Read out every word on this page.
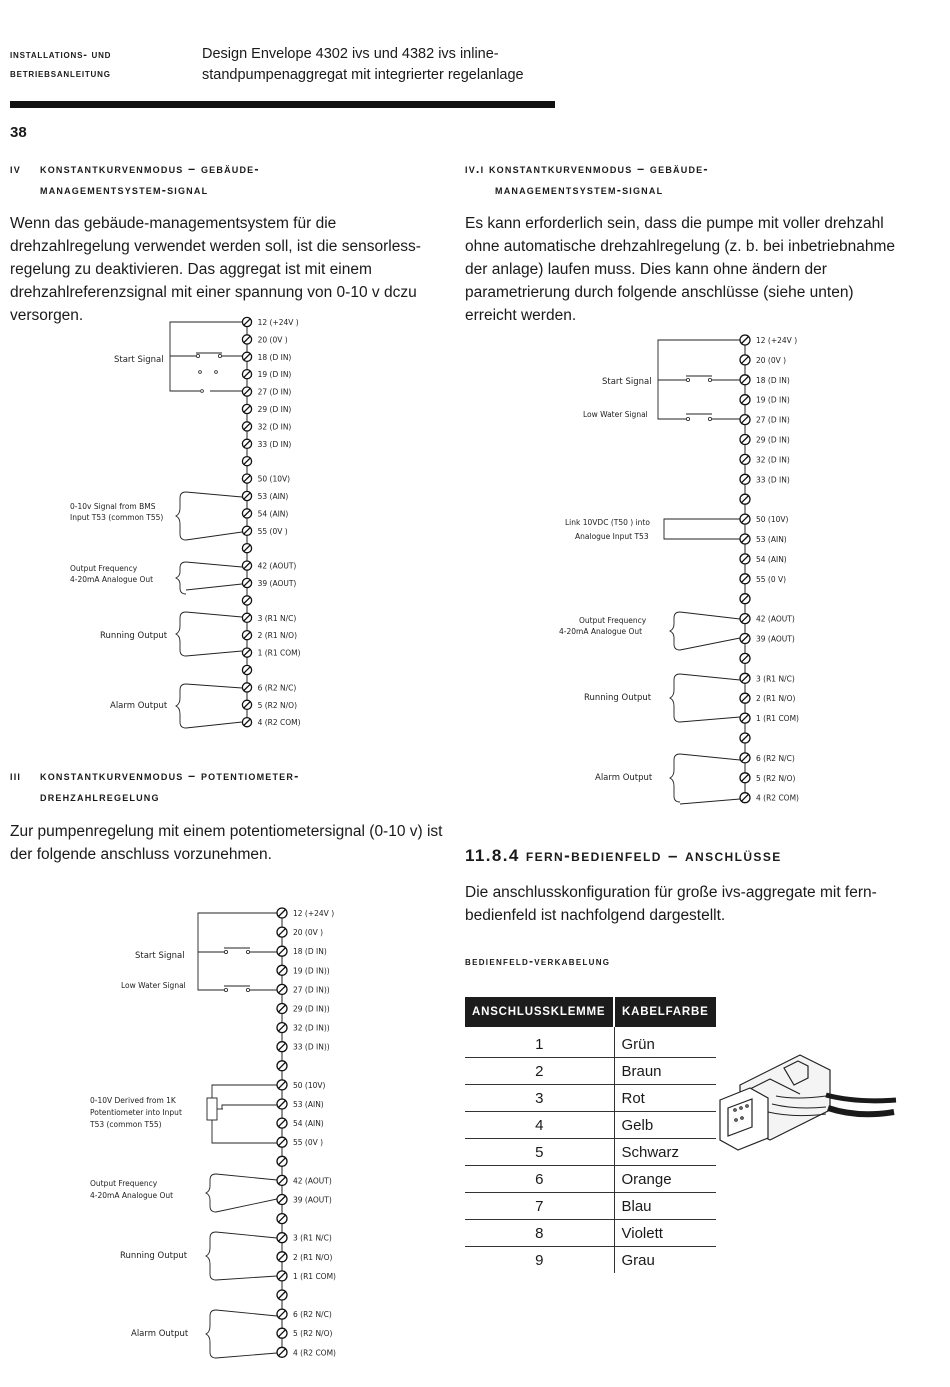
installations- und
betriebsanleitung
Design Envelope 4302 ivs und 4382 ivs inline-
standpumpenaggregat mit integrierter regelanlage
38
iv konstantkurvenmodus – gebäude-
managementsystem-signal
Wenn das gebäude-managementsystem für die drehzahlregelung verwendet werden soll, ist die sensorless-regelung zu deaktivieren. Das aggregat ist mit einem drehzahlreferenzsignal mit einer spannung von 0-10 v dczu versorgen.
iv.i konstantkurvenmodus – gebäude-
managementsystem-signal
Es kann erforderlich sein, dass die pumpe mit voller drehzahl ohne automatische drehzahlregelung (z. b. bei inbetriebnahme der anlage) laufen muss. Dies kann ohne ändern der parametrierung durch folgende anschlüsse (siehe unten) erreicht werden.
iii konstantkurvenmodus – potentiometer-
drehzahlregelung
Zur pumpenregelung mit einem potentiometersignal (0-10 v) ist der folgende anschluss vorzunehmen.
12 (+24V )
20 (0V )
18 (D IN)
19 (D IN)
27 (D IN)
29 (D IN)
32 (D IN)
33 (D IN)
50 (10V)
53 (AIN)
54 (AIN)
55 (0V )
42 (AOUT)
39 (AOUT)
3 (R1 N/C)
2 (R1 N/O)
1 (R1 COM)
6 (R2 N/C)
5 (R2 N/O)
4 (R2 COM)
Start Signal
0-10v Signal from BMS
Input T53 (common T55)
Output Frequency
4-20mA Analogue Out
Running Output
Alarm Output
12 (+24V )
20 (0V )
18 (D IN)
19 (D IN)
27 (D IN)
29 (D IN)
32 (D IN)
33 (D IN)
50 (10V)
53 (AIN)
54 (AIN)
55 (0 V)
42 (AOUT)
39 (AOUT)
3 (R1 N/C)
2 (R1 N/O)
1 (R1 COM)
6 (R2 N/C)
5 (R2 N/O)
4 (R2 COM)
Start Signal
Low Water Signal
Link 10VDC (T50 ) into
Analogue Input T53
Output Frequency
4-20mA Analogue Out
Running Output
Alarm Output
12 (+24V )
20 (0V )
18 (D IN)
19 (D IN))
27 (D IN))
29 (D IN))
32 (D IN))
33 (D IN))
50 (10V)
53 (AIN)
54 (AIN)
55 (0V )
42 (AOUT)
39 (AOUT)
3 (R1 N/C)
2 (R1 N/O)
1 (R1 COM)
6 (R2 N/C)
5 (R2 N/O)
4 (R2 COM)
Start Signal
Low Water Signal
0-10V Derived from 1K
Potentiometer into Input
T53 (common T55)
Output Frequency
4-20mA Analogue Out
Running Output
Alarm Output
11.8.4 fern-bedienfeld – anschlüsse
Die anschlusskonfiguration für große ivs-aggregate mit fern-bedienfeld ist nachfolgend dargestellt.
bedienfeld-verkabelung
ANSCHLUSSKLEMME	KABELFARBE
1	Grün
2	Braun
3	Rot
4	Gelb
5	Schwarz
6	Orange
7	Blau
8	Violett
9	Grau
